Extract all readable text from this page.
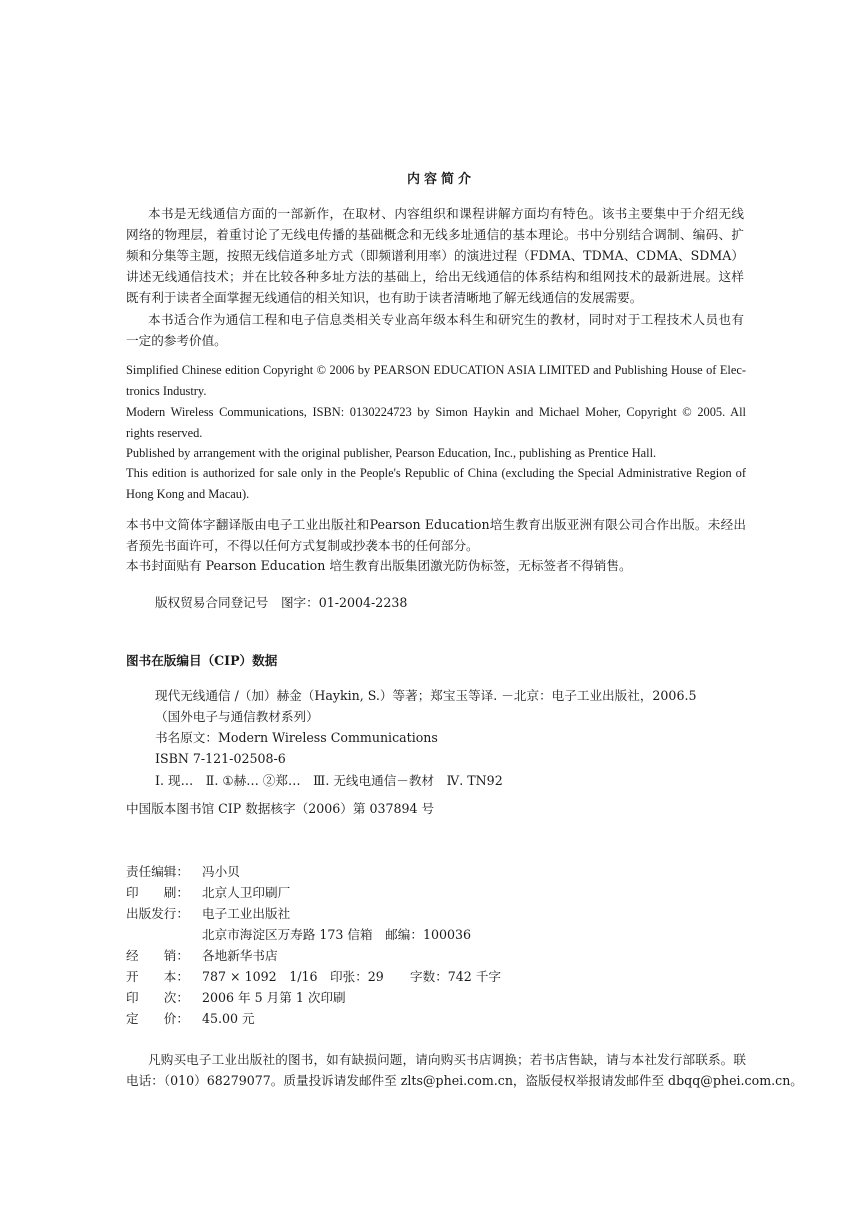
内容简介
本书是无线通信方面的一部新作，在取材、内容组织和课程讲解方面均有特色。该书主要集中于介绍无线
网络的物理层，着重讨论了无线电传播的基础概念和无线多址通信的基本理论。书中分别结合调制、编码、扩
频和分集等主题，按照无线信道多址方式（即频谱利用率）的演进过程（FDMA、TDMA、CDMA、SDMA）
讲述无线通信技术；并在比较各种多址方法的基础上，给出无线通信的体系结构和组网技术的最新进展。这样
既有利于读者全面掌握无线通信的相关知识，也有助于读者清晰地了解无线通信的发展需要。
本书适合作为通信工程和电子信息类相关专业高年级本科生和研究生的教材，同时对于工程技术人员也有
一定的参考价值。
Simplified Chinese edition Copyright © 2006 by PEARSON EDUCATION ASIA LIMITED and Publishing House of Elec-
tronics Industry.
Modern Wireless Communications, ISBN: 0130224723 by Simon Haykin and Michael Moher, Copyright © 2005. All
rights reserved.
Published by arrangement with the original publisher, Pearson Education, Inc., publishing as Prentice Hall.
This edition is authorized for sale only in the People's Republic of China (excluding the Special Administrative Region of
Hong Kong and Macau).
本书中文简体字翻译版由电子工业出版社和Pearson Education培生教育出版亚洲有限公司合作出版。未经出
者预先书面许可，不得以任何方式复制或抄袭本书的任何部分。
本书封面贴有 Pearson Education 培生教育出版集团激光防伪标签，无标签者不得销售。
版权贸易合同登记号　图字：01-2004-2238
图书在版编目（CIP）数据
现代无线通信 /（加）赫金（Haykin, S.）等著；郑宝玉等译. －北京：电子工业出版社，2006.5
（国外电子与通信教材系列）
书名原文：Modern Wireless Communications
ISBN 7-121-02508-6
Ⅰ. 现…　Ⅱ. ①赫… ②郑…　Ⅲ. 无线电通信－教材　Ⅳ. TN92
中国版本图书馆 CIP 数据核字（2006）第 037894 号
责任编辑： 冯小贝
印　　刷： 北京人卫印刷厂
出版发行： 电子工业出版社
北京市海淀区万寿路 173 信箱　邮编：100036
经　　销： 各地新华书店
开　　本： 787 × 1092　1/16 印张：29 字数：742 千字
印　　次： 2006 年 5 月第 1 次印刷
定　　价： 45.00 元
凡购买电子工业出版社的图书，如有缺损问题，请向购买书店调换；若书店售缺，请与本社发行部联系。联
电话：（010）68279077。质量投诉请发邮件至 zlts@phei.com.cn，盗版侵权举报请发邮件至 dbqq@phei.com.cn。
